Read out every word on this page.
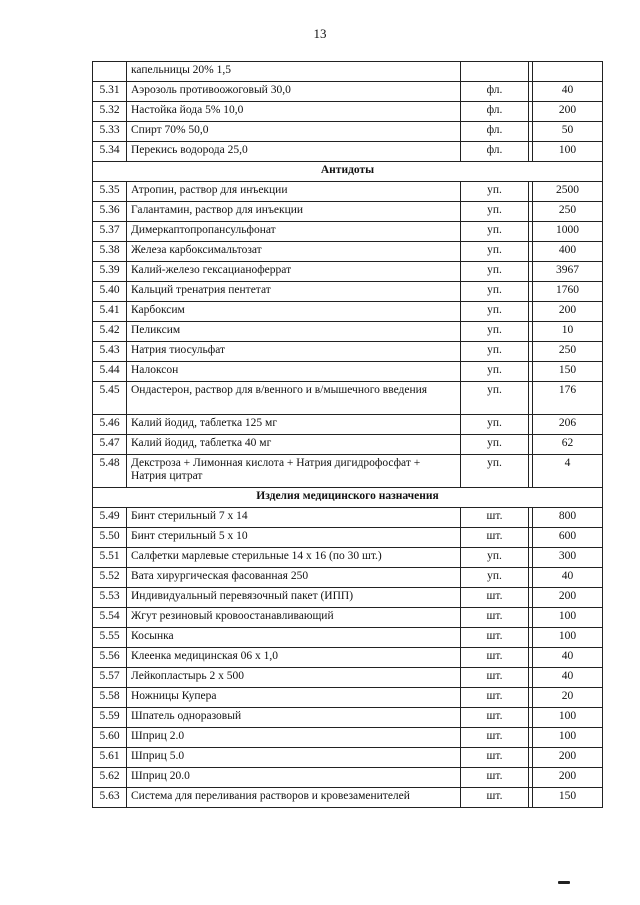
13
	капельницы 20% 1,5			
5.31	Аэрозоль противоожоговый 30,0	фл.		40
5.32	Настойка йода 5% 10,0	фл.		200
5.33	Спирт 70% 50,0	фл.		50
5.34	Перекись водорода 25,0	фл.		100
Антидоты				
5.35	Атропин, раствор для инъекции	уп.		2500
5.36	Галантамин, раствор для инъекции	уп.		250
5.37	Димеркаптопропансульфонат	уп.		1000
5.38	Железа карбоксимальтозат	уп.		400
5.39	Калий-железо гексацианоферрат	уп.		3967
5.40	Кальций тренатрия пентетат	уп.		1760
5.41	Карбоксим	уп.		200
5.42	Пеликсим	уп.		10
5.43	Натрия тиосульфат	уп.		250
5.44	Налоксон	уп.		150
5.45	Ондастерон, раствор для в/венного и в/мышечного введения	уп.		176
5.46	Калий йодид, таблетка 125 мг	уп.		206
5.47	Калий йодид, таблетка 40 мг	уп.		62
5.48	Декстроза + Лимонная кислота + Натрия дигидрофосфат + Натрия цитрат	уп.		4
Изделия медицинского назначения				
5.49	Бинт стерильный 7 х 14	шт.		800
5.50	Бинт стерильный 5 х 10	шт.		600
5.51	Салфетки марлевые стерильные 14 х 16 (по 30 шт.)	уп.		300
5.52	Вата хирургическая фасованная 250	уп.		40
5.53	Индивидуальный перевязочный пакет (ИПП)	шт.		200
5.54	Жгут резиновый кровоостанавливающий	шт.		100
5.55	Косынка	шт.		100
5.56	Клеенка медицинская 06 х 1,0	шт.		40
5.57	Лейкопластырь 2 х 500	шт.		40
5.58	Ножницы Купера	шт.		20
5.59	Шпатель одноразовый	шт.		100
5.60	Шприц 2.0	шт.		100
5.61	Шприц 5.0	шт.		200
5.62	Шприц 20.0	шт.		200
5.63	Система для переливания растворов и кровезаменителей	шт.		150
